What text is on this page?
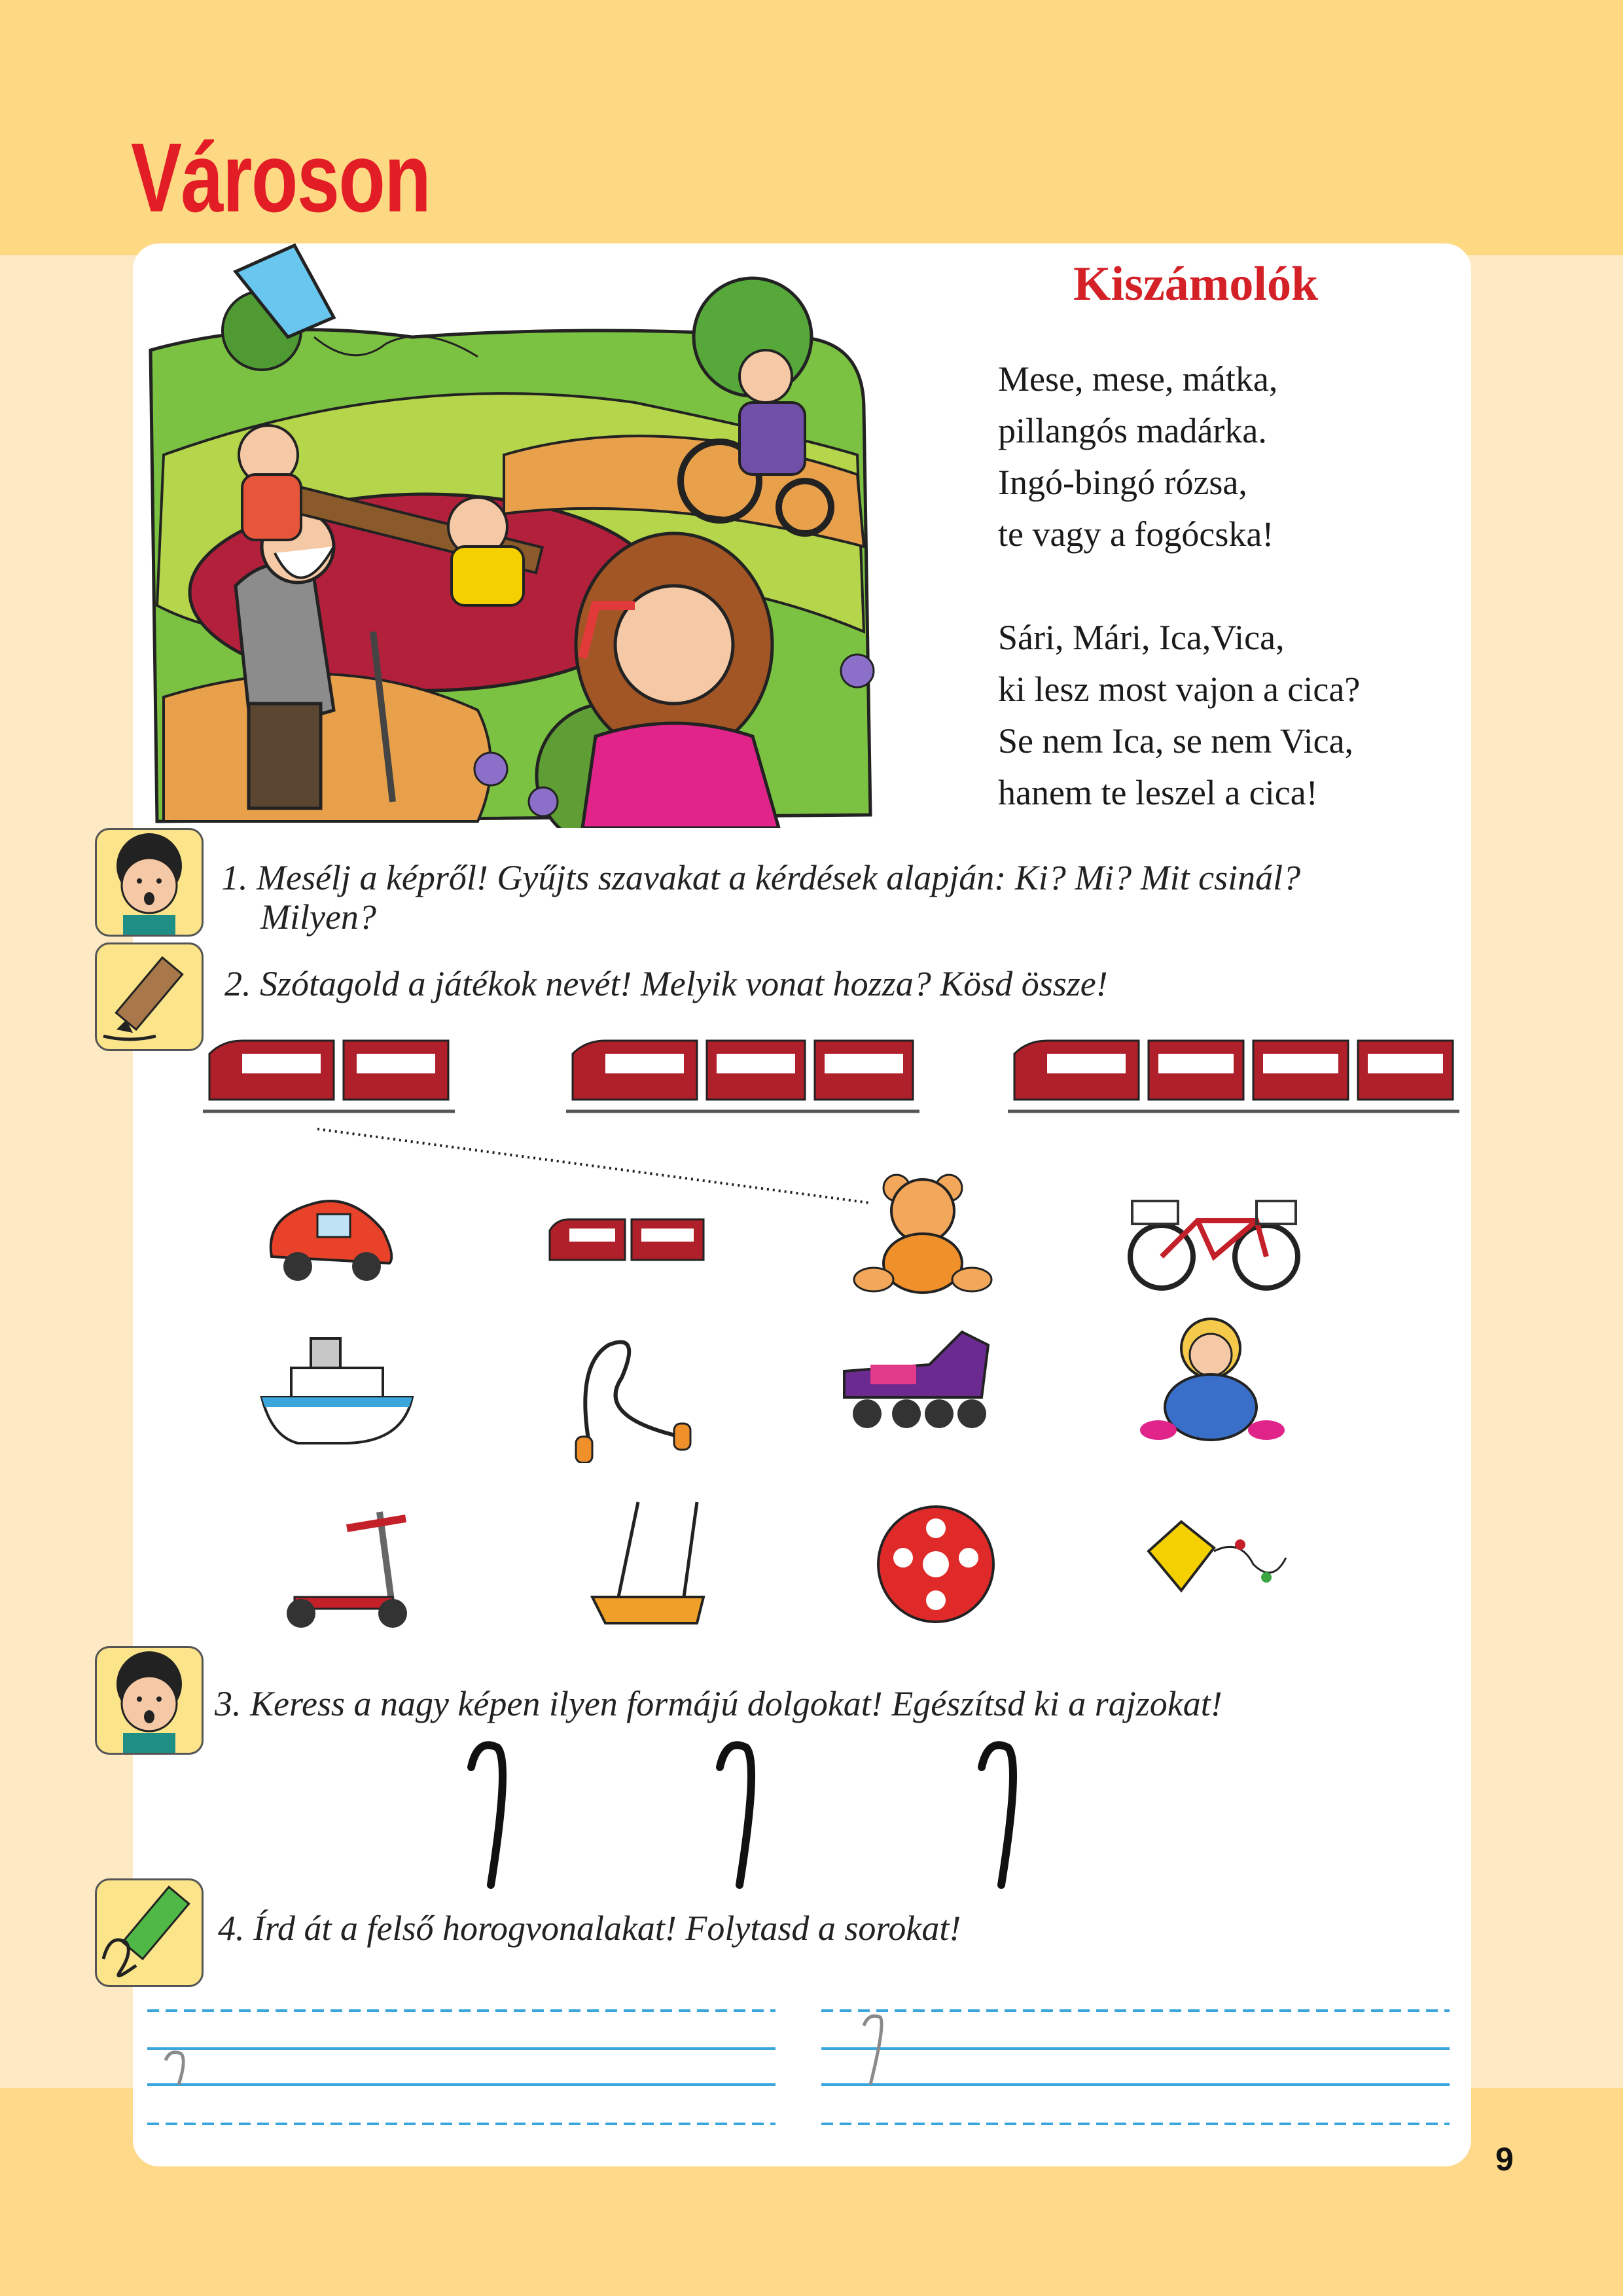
Városon
Kiszámolók
Mese, mese, mátka,
pillangós madárka.
Ingó-bingó rózsa,
te vagy a fogócska!
Sári, Mári, Ica,Vica,
ki lesz most vajon a cica?
Se nem Ica, se nem Vica,
hanem te leszel a cica!
1. Mesélj a képről! Gyűjts szavakat a kérdések alapján: Ki? Mi? Mit csinál?
Milyen?
2. Szótagold a játékok nevét! Melyik vonat hozza? Kösd össze!
3. Keress a nagy képen ilyen formájú dolgokat! Egészítsd ki a rajzokat!
4. Írd át a felső horogvonalakat! Folytasd a sorokat!
9
